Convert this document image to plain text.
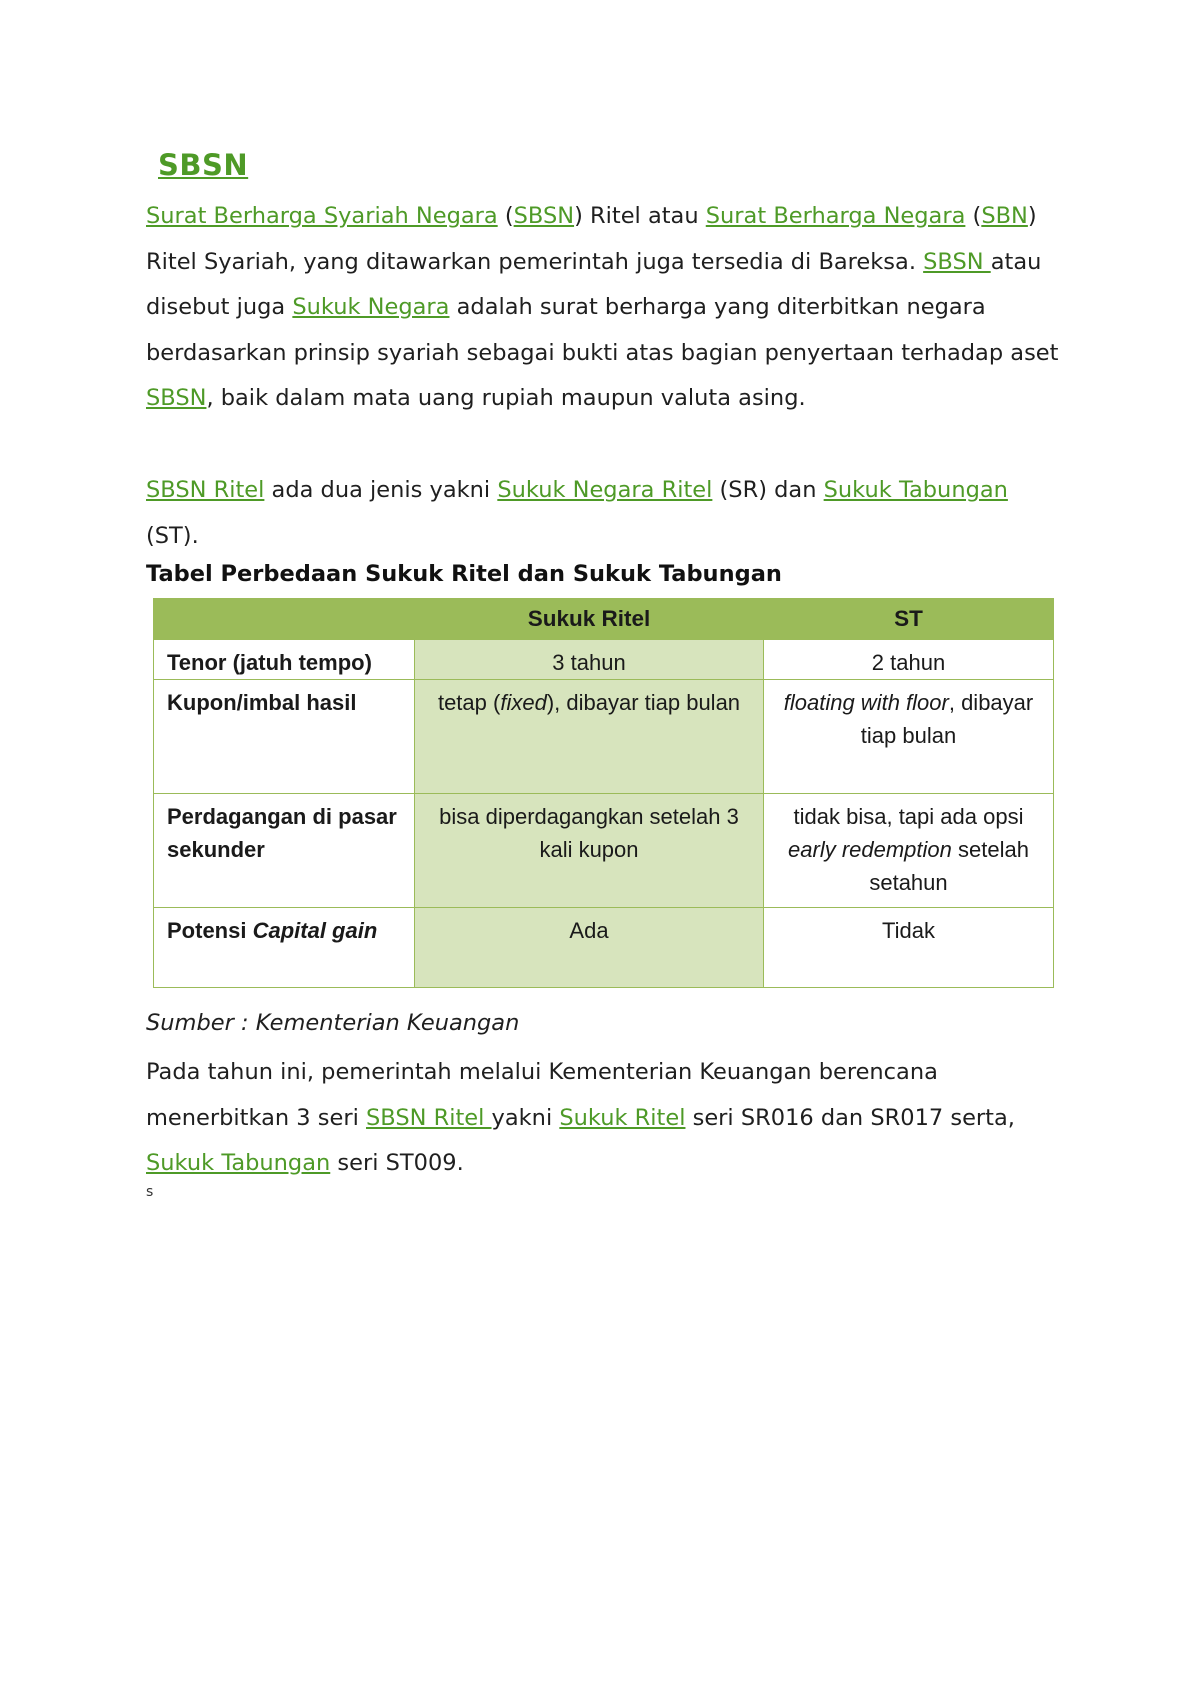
SBSN

Surat Berharga Syariah Negara (SBSN) Ritel atau Surat Berharga Negara (SBN) Ritel Syariah, yang ditawarkan pemerintah juga tersedia di Bareksa. SBSN atau disebut juga Sukuk Negara adalah surat berharga yang diterbitkan negara berdasarkan prinsip syariah sebagai bukti atas bagian penyertaan terhadap aset SBSN, baik dalam mata uang rupiah maupun valuta asing.

SBSN Ritel ada dua jenis yakni Sukuk Negara Ritel (SR) dan Sukuk Tabungan (ST).

Tabel Perbedaan Sukuk Ritel dan Sukuk Tabungan

	Sukuk Ritel	ST
Tenor (jatuh tempo)	3 tahun	2 tahun
Kupon/imbal hasil	tetap (fixed), dibayar tiap bulan	floating with floor, dibayar tiap bulan
Perdagangan di pasar sekunder	bisa diperdagangkan setelah 3 kali kupon	tidak bisa, tapi ada opsi early redemption setelah setahun
Potensi Capital gain	Ada	Tidak

Sumber : Kementerian Keuangan

Pada tahun ini, pemerintah melalui Kementerian Keuangan berencana menerbitkan 3 seri SBSN Ritel yakni Sukuk Ritel seri SR016 dan SR017 serta, Sukuk Tabungan seri ST009.

s
